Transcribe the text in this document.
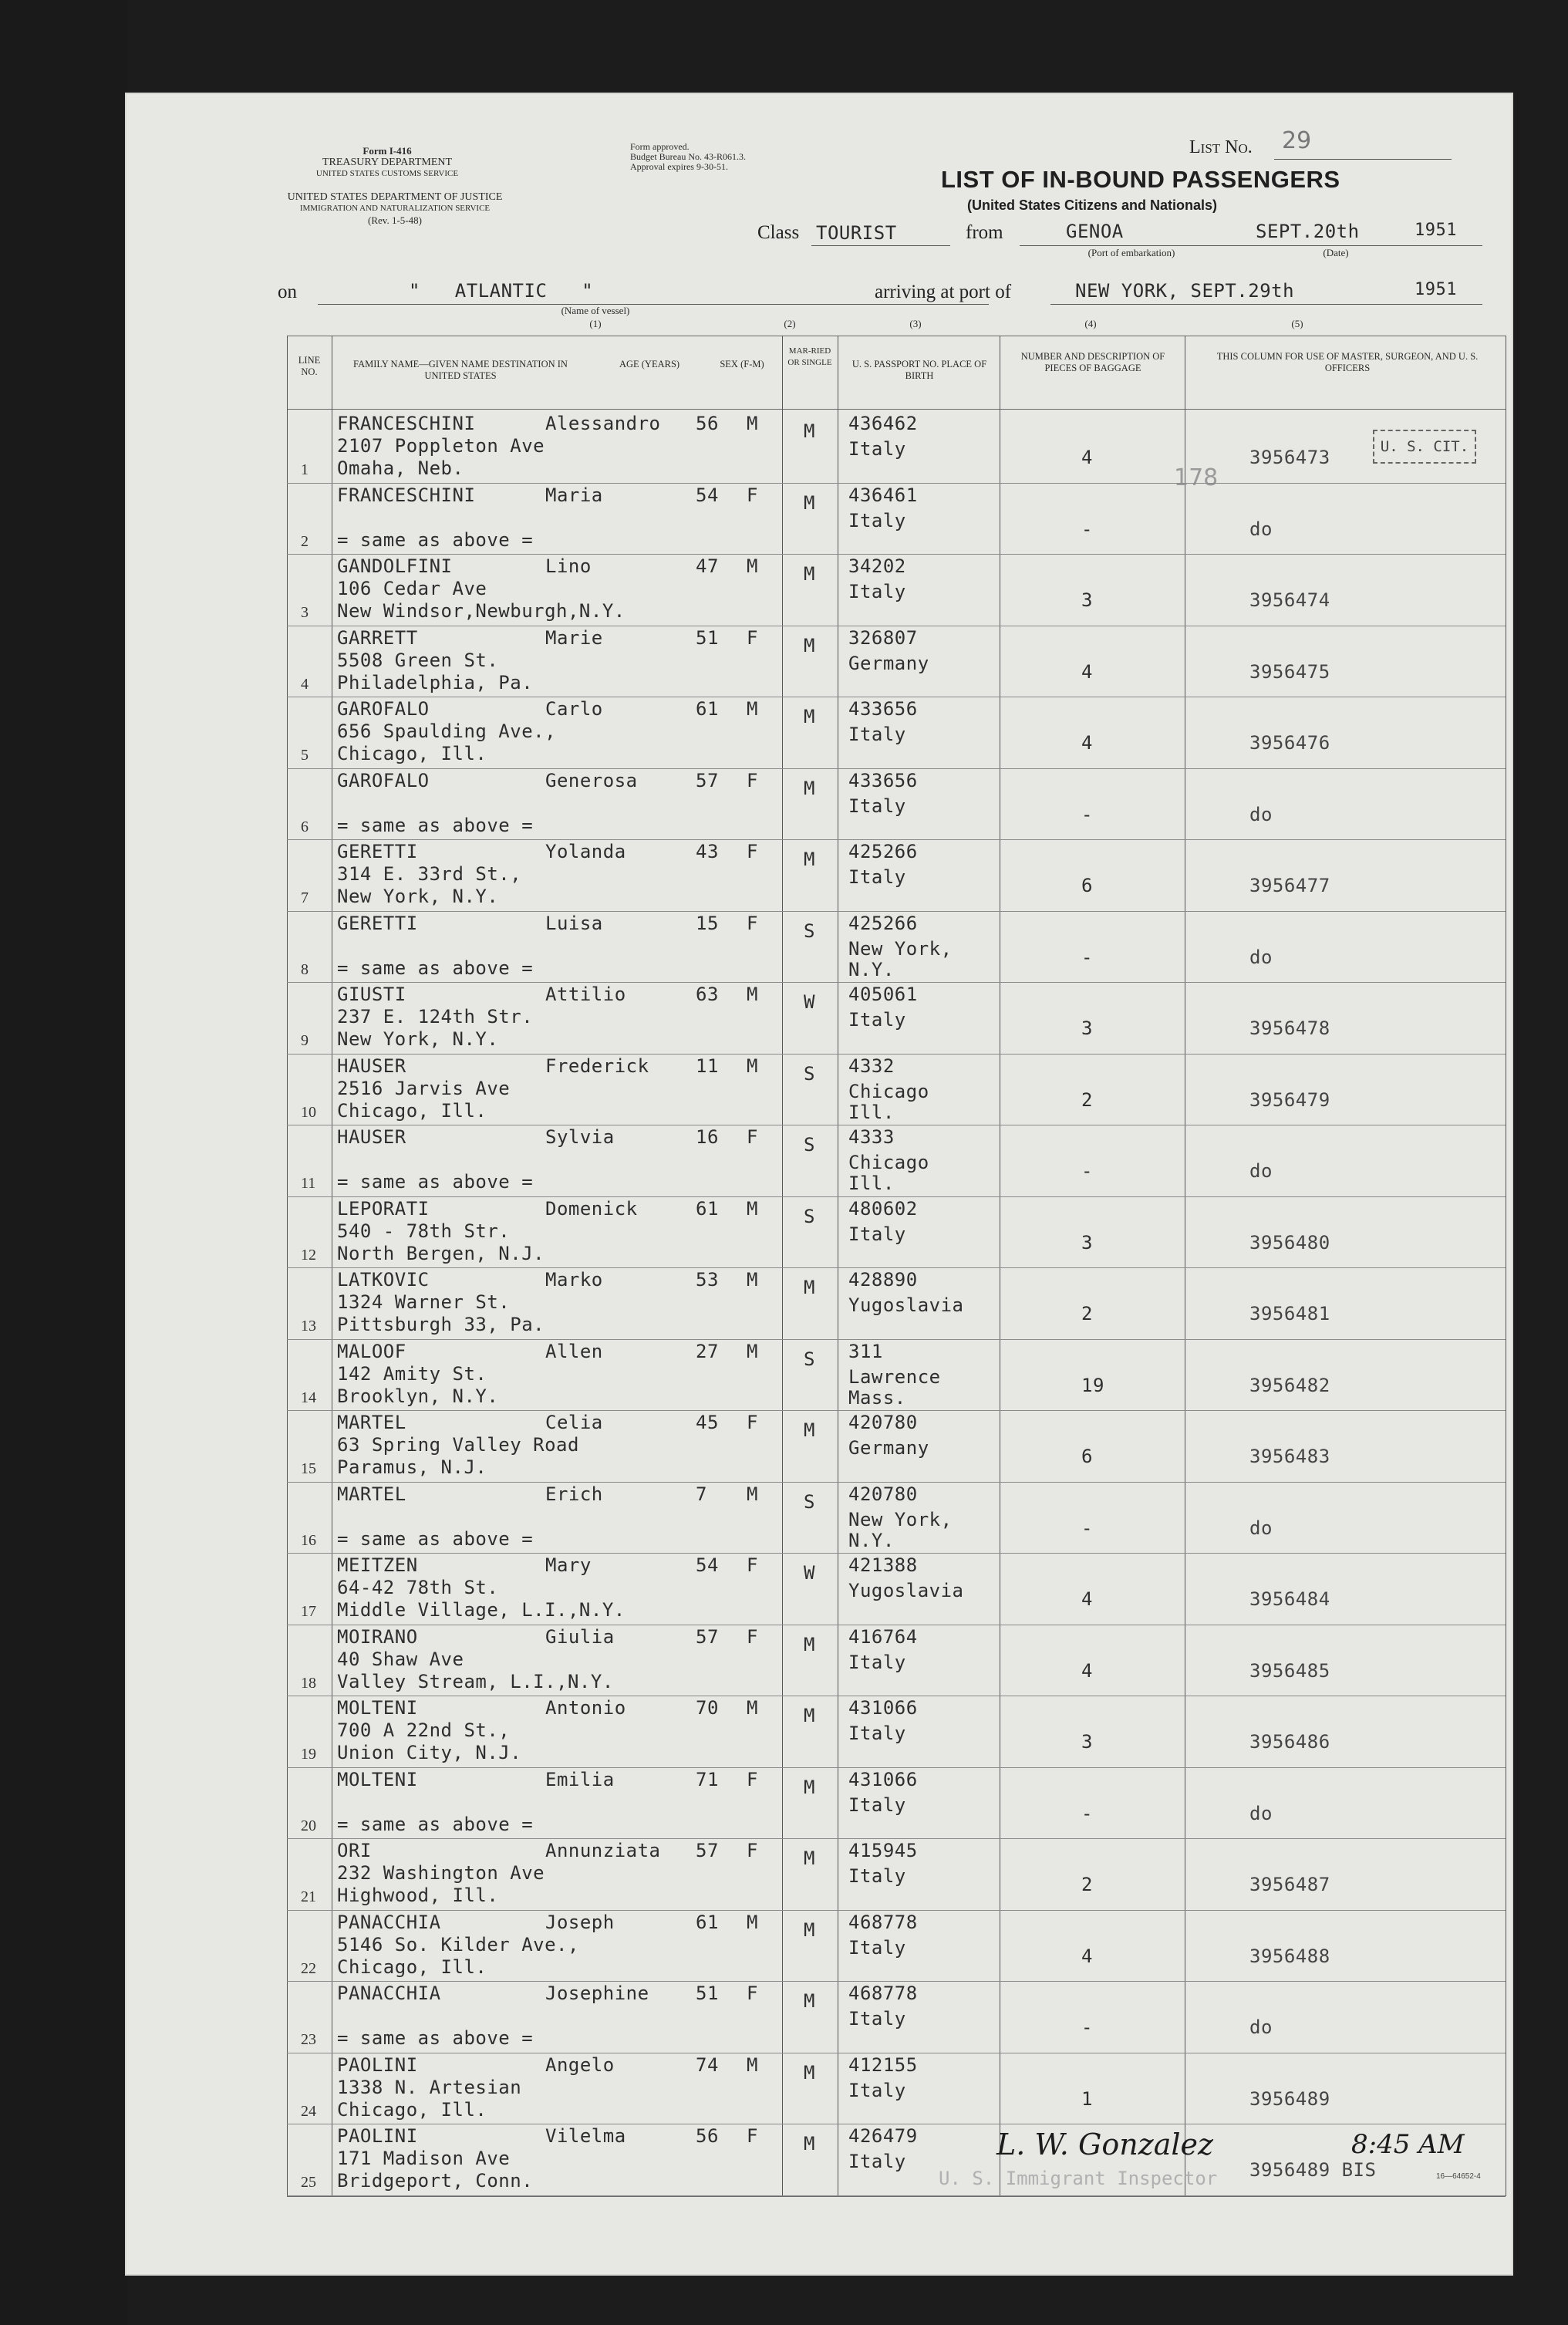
Form I-416
TREASURY DEPARTMENT
UNITED STATES CUSTOMS SERVICE
UNITED STATES DEPARTMENT OF JUSTICE
IMMIGRATION AND NATURALIZATION SERVICE
(Rev. 1-5-48)
Form approved.
Budget Bureau No. 43-R061.3.
Approval expires 9-30-51.
List No. 29
LIST OF IN-BOUND PASSENGERS
(United States Citizens and Nationals)
Class TOURIST	from	GENOA
(Port of embarkation)
SEPT.20th	1951
(Date)
on	"   ATLANTIC   "
(Name of vessel)
(1)
arriving at port of	NEW YORK, SEPT.29th	1951
(2)	(3)	(4)	(5)
LINE NO.
FAMILY NAME—GIVEN NAME DESTINATION IN UNITED STATES
AGE (YEARS)	SEX (F-M)
MAR-RIED OR SINGLE U. S. PASSPORT NO. PLACE OF BIRTH
NUMBER AND DESCRIPTION OF PIECES OF BAGGAGE
THIS COLUMN FOR USE OF MASTER, SURGEON, AND U. S. OFFICERS
U. S. CIT.
178
1
FRANCESCHINI	Alessandro
2107 Poppleton Ave
Omaha, Neb.
56 M M 436462
Italy	4	3956473
2
FRANCESCHINI	Maria
= same as above =
54 F M 436461
Italy	-	do
3
GANDOLFINI	Lino
106 Cedar Ave
New Windsor,Newburgh,N.Y.
47 M M 34202
Italy	3	3956474
4
GARRETT	Marie
5508 Green St.
Philadelphia, Pa.
51 F M 326807
Germany	4	3956475
5
GAROFALO	Carlo
656 Spaulding Ave.,
Chicago, Ill.
61 M M 433656
Italy	4	3956476
6
GAROFALO	Generosa
= same as above =
57 F M 433656
Italy	-	do
7
GERETTI	Yolanda
314 E. 33rd St.,
New York, N.Y.
43 F M 425266
Italy	6	3956477
8
GERETTI	Luisa
= same as above =
15 F S 425266
New York,
N.Y.
-	do
9
GIUSTI	Attilio
237 E. 124th Str.
New York, N.Y.
63 M W 405061
Italy	3	3956478
10
HAUSER	Frederick
2516 Jarvis Ave
Chicago, Ill.
11 M S 4332
Chicago
Ill.
2	3956479
11
HAUSER	Sylvia
= same as above =
16 F S 4333
Chicago
Ill.
-	do
12
LEPORATI	Domenick
540 - 78th Str.
North Bergen, N.J.
61 M S 480602
Italy	3	3956480
13
LATKOVIC	Marko
1324 Warner St.
Pittsburgh 33, Pa.
53 M M 428890
Yugoslavia	2	3956481
14
MALOOF	Allen
142 Amity St.
Brooklyn, N.Y.
27 M S 311
Lawrence
Mass.
19	3956482
15
MARTEL	Celia
63 Spring Valley Road
Paramus, N.J.
45 F M 420780
Germany	6	3956483
16
MARTEL	Erich
= same as above =
7 M S 420780
New York,
N.Y.
-	do
17
MEITZEN	Mary
64-42 78th St.
Middle Village, L.I.,N.Y.
54 F W 421388
Yugoslavia	4	3956484
18
MOIRANO	Giulia
40 Shaw Ave
Valley Stream, L.I.,N.Y.
57 F M 416764
Italy	4	3956485
19
MOLTENI	Antonio
700 A 22nd St.,
Union City, N.J.
70 M M 431066
Italy	3	3956486
20
MOLTENI	Emilia
= same as above =
71 F M 431066
Italy	-	do
21
ORI	Annunziata
232 Washington Ave
Highwood, Ill.
57 F M 415945
Italy	2	3956487
22
PANACCHIA	Joseph
5146 So. Kilder Ave.,
Chicago, Ill.
61 M M 468778
Italy	4	3956488
23
PANACCHIA	Josephine
= same as above =
51 F M 468778
Italy	-	do
24
PAOLINI	Angelo
1338 N. Artesian
Chicago, Ill.
74 M M 412155
Italy	1	3956489
25
PAOLINI	Vilelma
171 Madison Ave
Bridgeport, Conn.
56 F M 426479
Italy	3956489 BIS
L. W. Gonzalez	8:45 AM
U. S. Immigrant Inspector	16—64652-4
